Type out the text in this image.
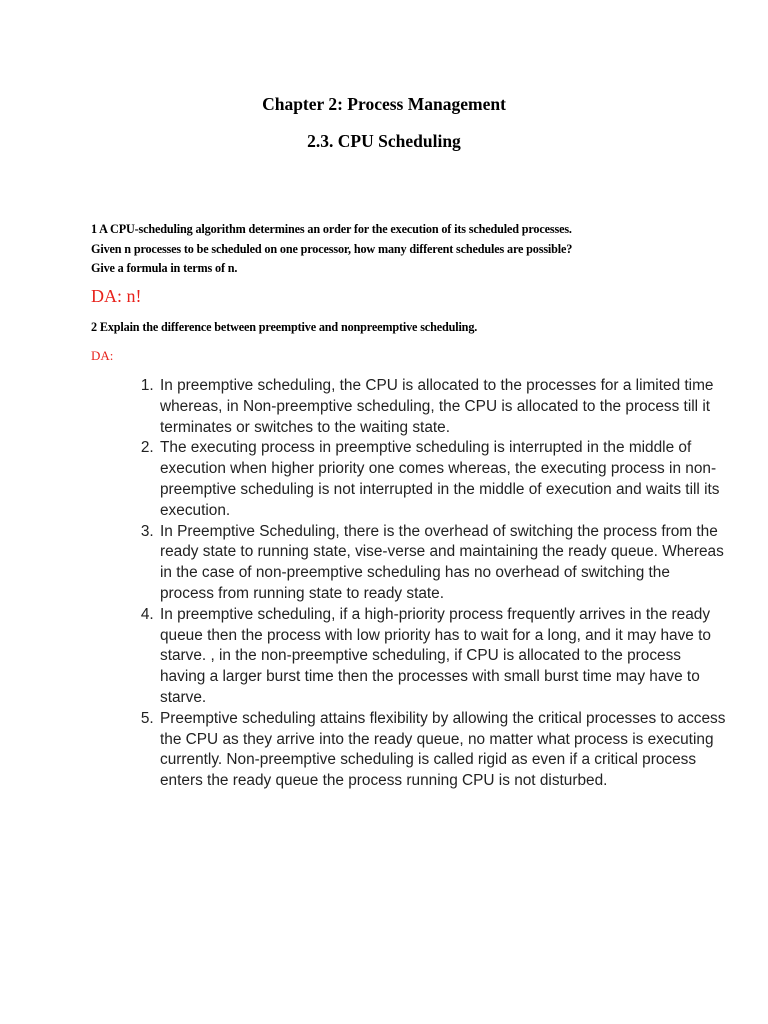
Chapter 2: Process Management
2.3. CPU Scheduling
1 A CPU-scheduling algorithm determines an order for the execution of its scheduled processes.
Given n processes to be scheduled on one processor, how many different schedules are possible?
Give a formula in terms of n.
DA: n!
2 Explain the difference between preemptive and nonpreemptive scheduling.
DA:
1. In preemptive scheduling, the CPU is allocated to the processes for a limited time whereas, in Non-preemptive scheduling, the CPU is allocated to the process till it terminates or switches to the waiting state.
2. The executing process in preemptive scheduling is interrupted in the middle of execution when higher priority one comes whereas, the executing process in non-preemptive scheduling is not interrupted in the middle of execution and waits till its execution.
3. In Preemptive Scheduling, there is the overhead of switching the process from the ready state to running state, vise-verse and maintaining the ready queue. Whereas in the case of non-preemptive scheduling has no overhead of switching the process from running state to ready state.
4. In preemptive scheduling, if a high-priority process frequently arrives in the ready queue then the process with low priority has to wait for a long, and it may have to starve. , in the non-preemptive scheduling, if CPU is allocated to the process having a larger burst time then the processes with small burst time may have to starve.
5. Preemptive scheduling attains flexibility by allowing the critical processes to access the CPU as they arrive into the ready queue, no matter what process is executing currently. Non-preemptive scheduling is called rigid as even if a critical process enters the ready queue the process running CPU is not disturbed.
